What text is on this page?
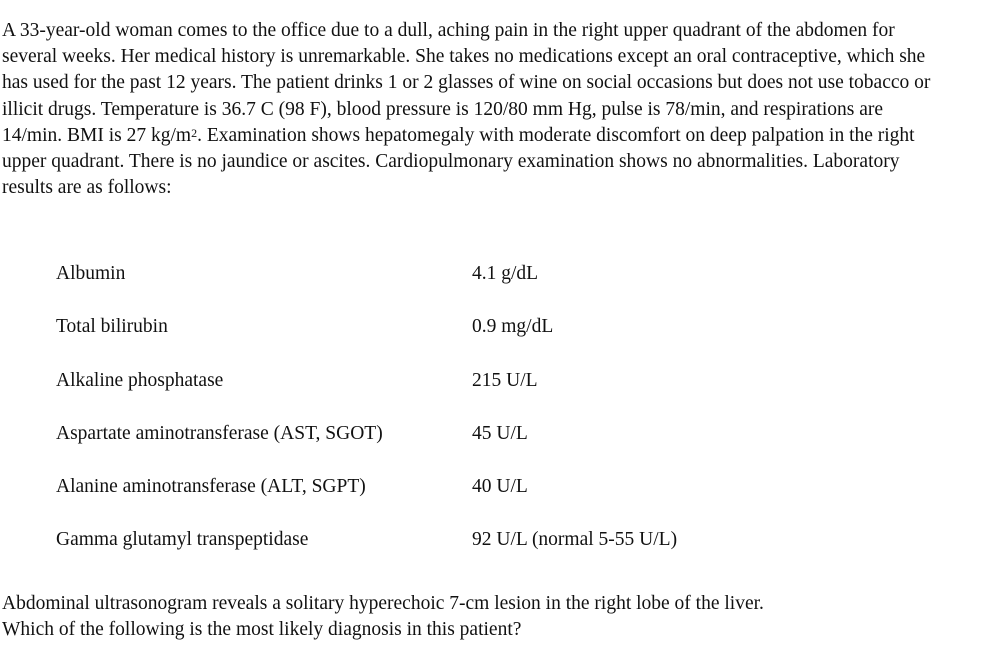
A 33-year-old woman comes to the office due to a dull, aching pain in the right upper quadrant of the abdomen for several weeks. Her medical history is unremarkable. She takes no medications except an oral contraceptive, which she has used for the past 12 years. The patient drinks 1 or 2 glasses of wine on social occasions but does not use tobacco or illicit drugs. Temperature is 36.7 C (98 F), blood pressure is 120/80 mm Hg, pulse is 78/min, and respirations are 14/min. BMI is 27 $kg/m^2$. Examination shows hepatomegaly with moderate discomfort on deep palpation in the right upper quadrant. There is no jaundice or ascites. Cardiopulmonary examination shows no abnormalities. Laboratory results are as follows:

Albumin	4.1 g/dL
Total bilirubin	0.9 mg/dL
Alkaline phosphatase	215 U/L
Aspartate aminotransferase (AST, SGOT)	45 U/L
Alanine aminotransferase (ALT, SGPT)	40 U/L
Gamma glutamyl transpeptidase	92 U/L (normal 5-55 U/L)

Abdominal ultrasonogram reveals a solitary hyperechoic 7-cm lesion in the right lobe of the liver.
Which of the following is the most likely diagnosis in this patient?
